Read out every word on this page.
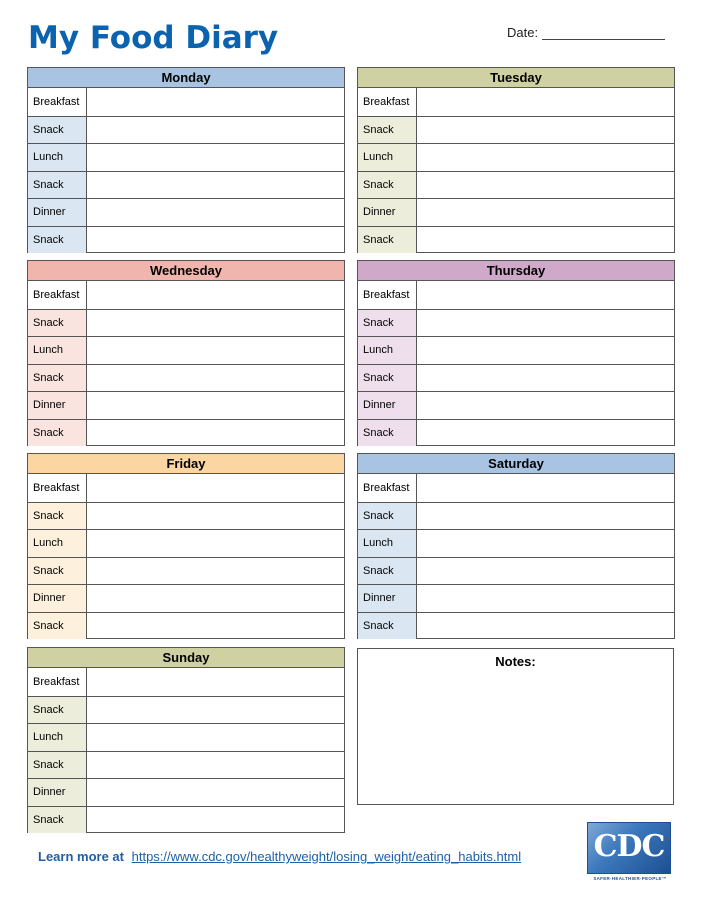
My Food Diary	Date:
Monday
Breakfast
Snack
Lunch
Snack
Dinner
Snack
Tuesday
Breakfast
Snack
Lunch
Snack
Dinner
Snack
Wednesday
Breakfast
Snack
Lunch
Snack
Dinner
Snack
Thursday
Breakfast
Snack
Lunch
Snack
Dinner
Snack
Friday
Breakfast
Snack
Lunch
Snack
Dinner
Snack
Saturday
Breakfast
Snack
Lunch
Snack
Dinner
Snack
Sunday
Breakfast
Snack
Lunch
Snack
Dinner
Snack
Notes:
Learn more at https://www.cdc.gov/healthyweight/losing_weight/eating_habits.html CDC
SAFER·HEALTHIER·PEOPLE™
